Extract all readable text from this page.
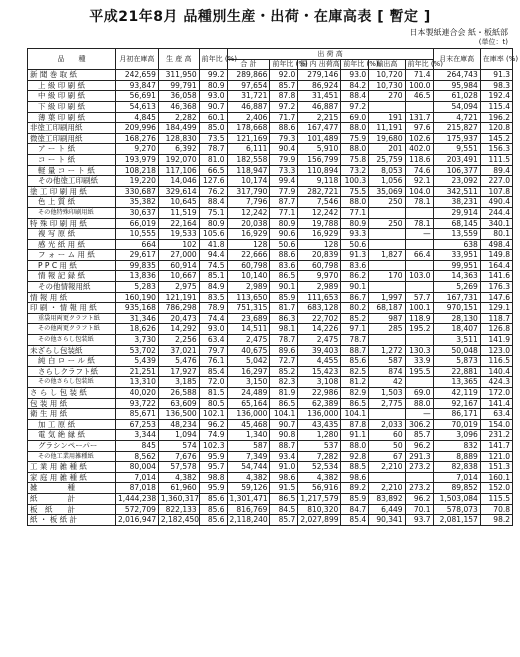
平成21年8月 品種別生産・出荷・在庫高表 [ 暫定 ]
日本製紙連合会 紙・板紙部
(単位：t)
品　　種	月初在庫高	生 産 高	前年比 (%)	出 荷 高						月末在庫高	在庫率 (%)
				合 計	前年比 (%)	国 内 出荷高	前年比 (%)	輸出高	前年比 (%)		

新 聞 巻 取 紙	242,659	311,950	99.2	289,866	92.0	279,146	93.0	10,720	71.4	264,743	91.3
上 級 印 刷 紙	93,847	99,791	80.9	97,654	85.7	86,924	84.2	10,730	100.0	95,984	98.3
中 級 印 刷 紙	56,691	36,058	93.0	31,721	87.8	31,451	88.4	270	46.5	61,028	192.4
下 級 印 刷 紙	54,613	46,368	90.7	46,887	97.2	46,887	97.2			54,094	115.4
薄 葉 印 刷 紙	4,845	2,282	60.1	2,406	71.7	2,215	69.0	191	131.7	4,721	196.2
非塗工印刷用紙	209,996	184,499	85.0	178,668	88.6	167,477	88.0	11,191	97.6	215,827	120.8
微塗工印刷用紙	168,276	128,830	73.5	121,169	79.3	101,489	75.9	19,680	102.6	175,937	145.2
ア ー ト 紙	9,270	6,392	78.7	6,111	90.4	5,910	88.0	201	402.0	9,551	156.3
コ ー ト 紙	193,979	192,070	81.0	182,558	79.9	156,799	75.8	25,759	118.6	203,491	111.5
軽 量 コ ー ト 紙	108,218	117,106	66.5	118,947	73.3	110,894	73.2	8,053	74.6	106,377	89.4
その他塗工印刷紙	19,220	14,046	127.6	10,174	99.4	9,118	100.3	1,056	92.1	23,092	227.0
塗 工 印 刷 用 紙	330,687	329,614	76.2	317,790	77.9	282,721	75.5	35,069	104.0	342,511	107.8
色 上 質 紙	35,382	10,645	88.4	7,796	87.7	7,546	88.0	250	78.1	38,231	490.4
その他特殊印刷用紙	30,637	11,519	75.1	12,242	77.1	12,242	77.1			29,914	244.4
特 殊 印 刷 用 紙	66,019	22,164	80.9	20,038	80.9	19,788	80.9	250	78.1	68,145	340.1
複 写 原 紙	10,555	19,533	105.6	16,929	90.6	16,929	93.3		—	13,559	80.1
感 光 紙 用 紙	664	102	41.8	128	50.6	128	50.6			638	498.4
フ ォ ー ム 用 紙	29,617	27,000	94.4	22,666	88.6	20,839	91.3	1,827	66.4	33,951	149.8
P P C 用 紙	99,835	60,914	74.5	60,798	83.6	60,798	83.6			99,951	164.4
情 報 記 録 紙	13,836	10,667	85.1	10,140	86.5	9,970	86.2	170	103.0	14,363	141.6
その他情報用紙	5,283	2,975	84.9	2,989	90.1	2,989	90.1			5,269	176.3
情 報 用 紙	160,190	121,191	83.5	113,650	85.9	111,653	86.7	1,997	57.7	167,731	147.6
印 刷 ・ 情 報 用 紙	935,168	786,298	78.9	751,315	81.7	683,128	80.2	68,187	100.1	970,151	129.1
重袋用両更クラフト紙	31,346	20,473	74.4	23,689	86.3	22,702	85.2	987	118.9	28,130	118.7
その他両更クラフト紙	18,626	14,292	93.0	14,511	98.1	14,226	97.1	285	195.2	18,407	126.8
その他さらし包装紙	3,730	2,256	63.4	2,475	78.7	2,475	78.7			3,511	141.9
未ざらし包装紙	53,702	37,021	79.7	40,675	89.6	39,403	88.7	1,272	130.3	50,048	123.0
純 白 ロ ー ル 紙	5,439	5,476	76.1	5,042	72.7	4,455	85.6	587	33.9	5,873	116.5
さらしクラフト紙	21,251	17,927	85.4	16,297	85.2	15,423	82.5	874	195.5	22,881	140.4
その他さらし包装紙	13,310	3,185	72.0	3,150	82.3	3,108	81.2	42		13,365	424.3
さ ら し 包 装 紙	40,020	26,588	81.5	24,489	81.9	22,986	82.9	1,503	69.0	42,119	172.0
包 装 用 紙	93,722	63,609	80.5	65,164	86.5	62,389	86.5	2,775	88.0	92,167	141.4
衛 生 用 紙	85,671	136,500	102.1	136,000	104.1	136,000	104.1		—	86,171	63.4
加 工 原 紙	67,253	48,234	96.2	45,468	90.7	43,435	87.8	2,033	306.2	70,019	154.0
電 気 絶 縁 紙	3,344	1,094	74.9	1,340	90.8	1,280	91.1	60	85.7	3,096	231.2
グラシンペーパー	845	574	102.3	587	88.7	537	88.0	50	96.2	832	141.7
その他工業用雑種紙	8,562	7,676	95.9	7,349	93.4	7,282	92.8	67	291.3	8,889	121.0
工 業 用 雑 種 紙	80,004	57,578	95.7	54,744	91.0	52,534	88.5	2,210	273.2	82,838	151.3
家 庭 用 雑 種 紙	7,014	4,382	98.8	4,382	98.6	4,382	98.6			7,014	160.1
雑　　　　種	87,018	61,960	95.9	59,126	91.5	56,916	89.2	2,210	273.2	89,852	152.0
紙　　　　計	1,444,238	1,360,317	85.6	1,301,471	86.5	1,217,579	85.9	83,892	96.2	1,503,084	115.5
板　紙　　計	572,709	822,133	85.6	816,769	84.5	810,320	84.7	6,449	70.1	578,073	70.8
紙 ・ 板 紙 計	2,016,947	2,182,450	85.6	2,118,240	85.7	2,027,899	85.4	90,341	93.7	2,081,157	98.2
